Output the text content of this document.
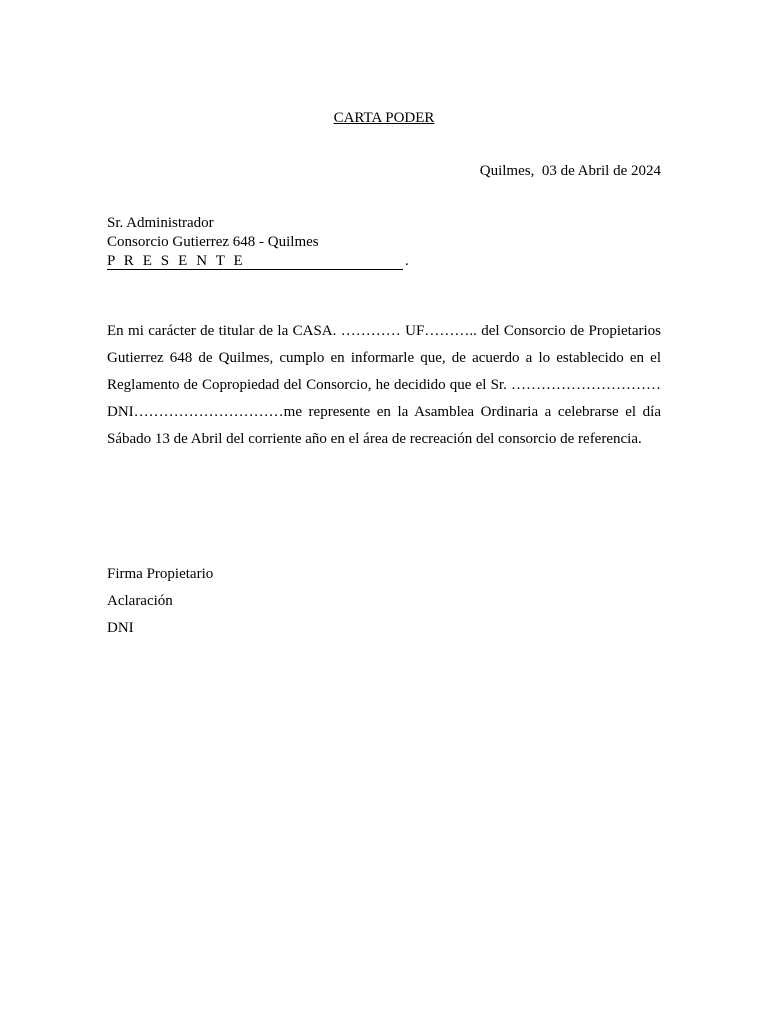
CARTA PODER
Quilmes,  03 de Abril de 2024
Sr. Administrador
Consorcio Gutierrez 648 - Quilmes
P R E S E N T E	.

En mi carácter de titular de la CASA. ………… UF……….. del Consorcio de Propietarios Gutierrez 648 de Quilmes, cumplo en informarle que, de acuerdo a lo establecido en el Reglamento de Copropiedad del Consorcio, he decidido que el Sr. ………………………… DNI…………………………me represente en la Asamblea Ordinaria a celebrarse el día Sábado 13 de Abril del corriente año en el área de recreación del consorcio de referencia.

Firma Propietario
Aclaración
DNI
